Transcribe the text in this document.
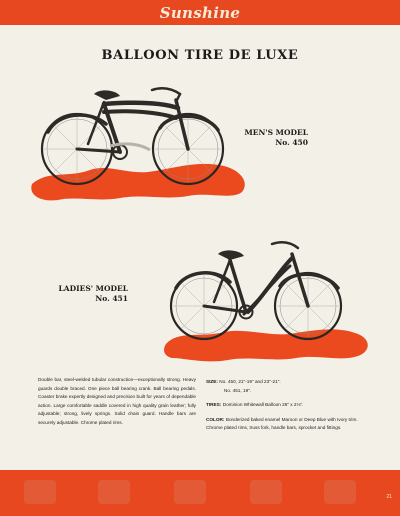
Sunshine
BALLOON TIRE DE LUXE
MEN'S MODEL
No. 450
LADIES' MODEL
No. 451
Double bar, steel-welded tubular construction—exceptionally strong. Heavy guards double braced. One piece ball bearing crank. Ball bearing pedals. Coaster brake expertly designed and precision built for years of dependable action. Large comfortable saddle covered in high quality grain leather; fully adjustable; strong, lively springs. Solid chain guard. Handle bars are securely adjustable. Chrome plated rims.
SIZE: No. 450, 21"-19" and 23"-21".
No. 451, 19".
TIRES: Dominion Whitewall Balloon 26" x 2⅛".
COLOR: Bonderized baked enamel Maroon or Deep Blue with Ivory trim. Chrome plated rims, truss fork, handle bars, sprocket and fittings.
21
